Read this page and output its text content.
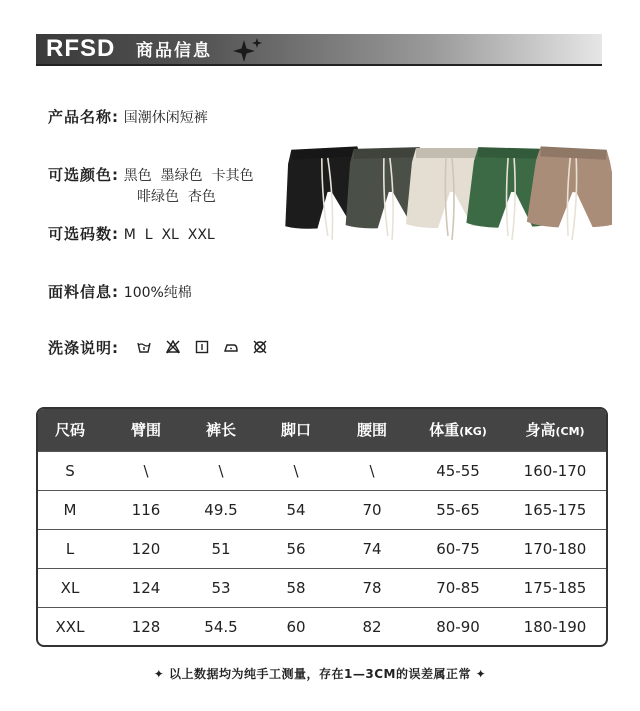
RFSD 商品信息
产品名称: 国潮休闲短裤
可选颜色: 黑色  墨绿色  卡其色
啡绿色  杏色
可选码数: M  L  XL  XXL
面料信息: 100%纯棉
洗涤说明:
尺码	臂围	裤长	脚口	腰围	体重(KG)	身高(CM)
S	\	\	\	\	45-55	160-170
M	116	49.5	54	70	55-65	165-175
L	120	51	56	74	60-75	170-180
XL	124	53	58	78	70-85	175-185
XXL	128	54.5	60	82	80-90	180-190
✦ 以上数据均为纯手工测量，存在1—3CM的误差属正常 ✦
